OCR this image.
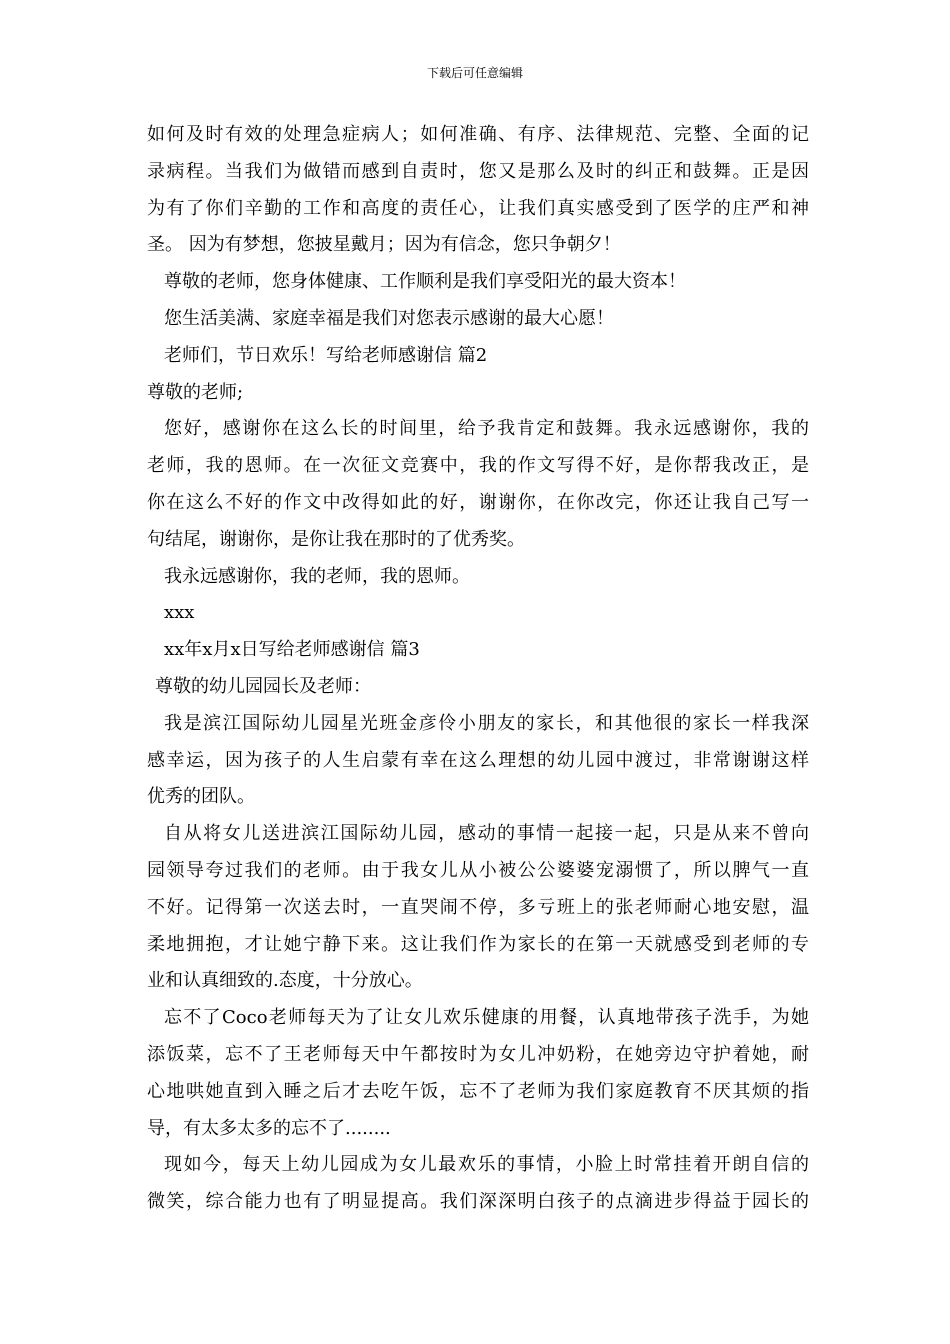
下载后可任意编辑
如何及时有效的处理急症病人；如何准确、有序、法律规范、完整、全面的记
录病程。当我们为做错而感到自责时，您又是那么及时的纠正和鼓舞。正是因
为有了你们辛勤的工作和高度的责任心，让我们真实感受到了医学的庄严和神
圣。 因为有梦想，您披星戴月；因为有信念，您只争朝夕！
尊敬的老师，您身体健康、工作顺利是我们享受阳光的最大资本！
您生活美满、家庭幸福是我们对您表示感谢的最大心愿！
老师们，节日欢乐！写给老师感谢信 篇2
尊敬的老师;
您好，感谢你在这么长的时间里，给予我肯定和鼓舞。我永远感谢你，我的
老师，我的恩师。在一次征文竞赛中，我的作文写得不好，是你帮我改正，是
你在这么不好的作文中改得如此的好，谢谢你，在你改完，你还让我自己写一
句结尾，谢谢你，是你让我在那时的了优秀奖。
我永远感谢你，我的老师，我的恩师。
xxx
xx年x月x日写给老师感谢信 篇3
尊敬的幼儿园园长及老师：
我是滨江国际幼儿园星光班金彦伶小朋友的家长，和其他很的家长一样我深
感幸运，因为孩子的人生启蒙有幸在这么理想的幼儿园中渡过，非常谢谢这样
优秀的团队。
自从将女儿送进滨江国际幼儿园，感动的事情一起接一起，只是从来不曾向
园领导夸过我们的老师。由于我女儿从小被公公婆婆宠溺惯了，所以脾气一直
不好。记得第一次送去时，一直哭闹不停，多亏班上的张老师耐心地安慰，温
柔地拥抱，才让她宁静下来。这让我们作为家长的在第一天就感受到老师的专
业和认真细致的.态度，十分放心。
忘不了Coco老师每天为了让女儿欢乐健康的用餐，认真地带孩子洗手，为她
添饭菜，忘不了王老师每天中午都按时为女儿冲奶粉，在她旁边守护着她，耐
心地哄她直到入睡之后才去吃午饭，忘不了老师为我们家庭教育不厌其烦的指
导，有太多太多的忘不了........
现如今，每天上幼儿园成为女儿最欢乐的事情，小脸上时常挂着开朗自信的
微笑，综合能力也有了明显提高。我们深深明白孩子的点滴进步得益于园长的
